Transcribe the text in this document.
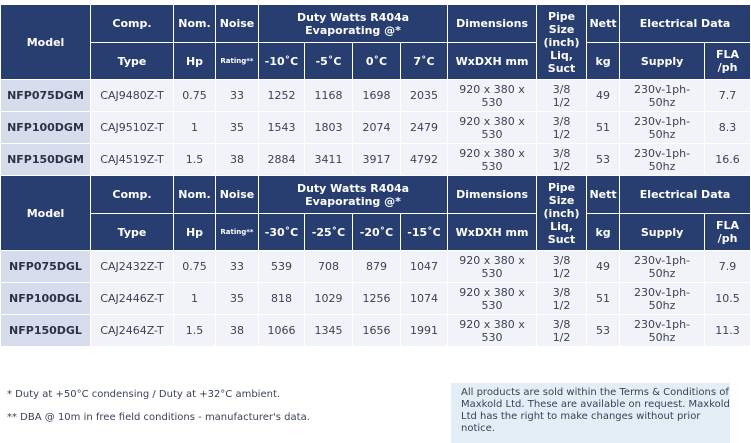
Model	Comp.	Nom.	Noise	Duty Watts R404a Evaporating @*				Dimensions	Pipe Size (inch) Liq, Suct	Nett	Electrical Data	
	Type	Hp	Rating**	-10˚C	-5˚C	0˚C	7˚C	WxDXH mm		kg	Supply	FLA /ph
NFP075DGM	CAJ9480Z-T	0.75	33	1252	1168	1698	2035	920 x 380 x 530	3/8 1/2	49	230v-1ph-50hz	7.7
NFP100DGM	CAJ9510Z-T	1	35	1543	1803	2074	2479	920 x 380 x 530	3/8 1/2	51	230v-1ph-50hz	8.3
NFP150DGM	CAJ4519Z-T	1.5	38	2884	3411	3917	4792	920 x 380 x 530	3/8 1/2	53	230v-1ph-50hz	16.6
Model	Comp.	Nom.	Noise	Duty Watts R404a Evaporating @*				Dimensions	Pipe Size (inch) Liq, Suct	Nett	Electrical Data	
	Type	Hp	Rating**	-30˚C	-25˚C	-20˚C	-15˚C	WxDXH mm		kg	Supply	FLA /ph
NFP075DGL	CAJ2432Z-T	0.75	33	539	708	879	1047	920 x 380 x 530	3/8 1/2	49	230v-1ph-50hz	7.9
NFP100DGL	CAJ2446Z-T	1	35	818	1029	1256	1074	920 x 380 x 530	3/8 1/2	51	230v-1ph-50hz	10.5
NFP150DGL	CAJ2464Z-T	1.5	38	1066	1345	1656	1991	920 x 380 x 530	3/8 1/2	53	230v-1ph-50hz	11.3
* Duty at +50°C condensing / Duty at +32°C ambient.
** DBA @ 10m in free field conditions - manufacturer's data.
All products are sold within the Terms & Conditions of Maxkold Ltd. These are available on request. Maxkold Ltd has the right to make changes without prior notice.
